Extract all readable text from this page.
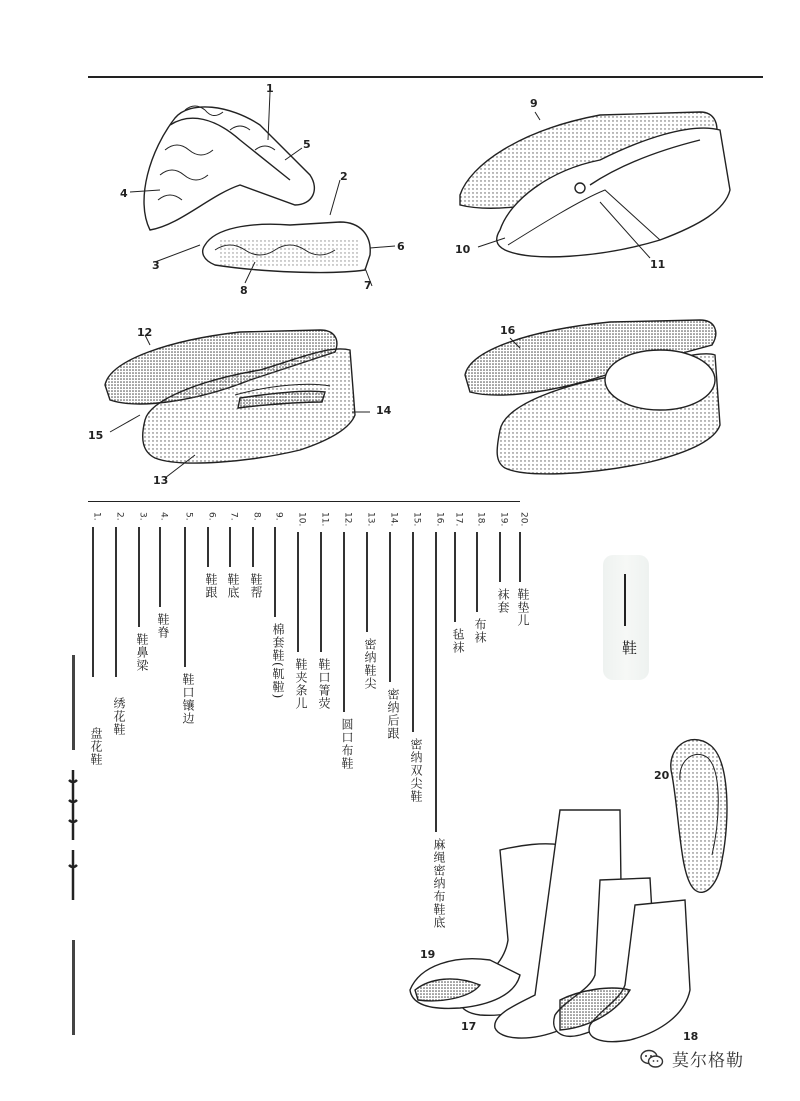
1
2
3
4
5
6
7
8
9
10
11
12
13
14
15
16
17
18
19
20
1.
盘花鞋
2.
绣花鞋
3.
鞋鼻梁
4.
鞋脊
5.
鞋口镶边
6.
鞋跟
7.
鞋底
8.
鞋帮
9.
棉套鞋(靰鞡)
10.
鞋夹条儿
11.
鞋口箐荧
12.
圆口布鞋
13.
密纳鞋尖
14.
密纳后跟
15.
密纳双尖鞋
16.
麻绳密纳布鞋底
17.
毡袜
18.
布袜
19.
袜套
20.
鞋垫儿
鞋
莫尔格勒
